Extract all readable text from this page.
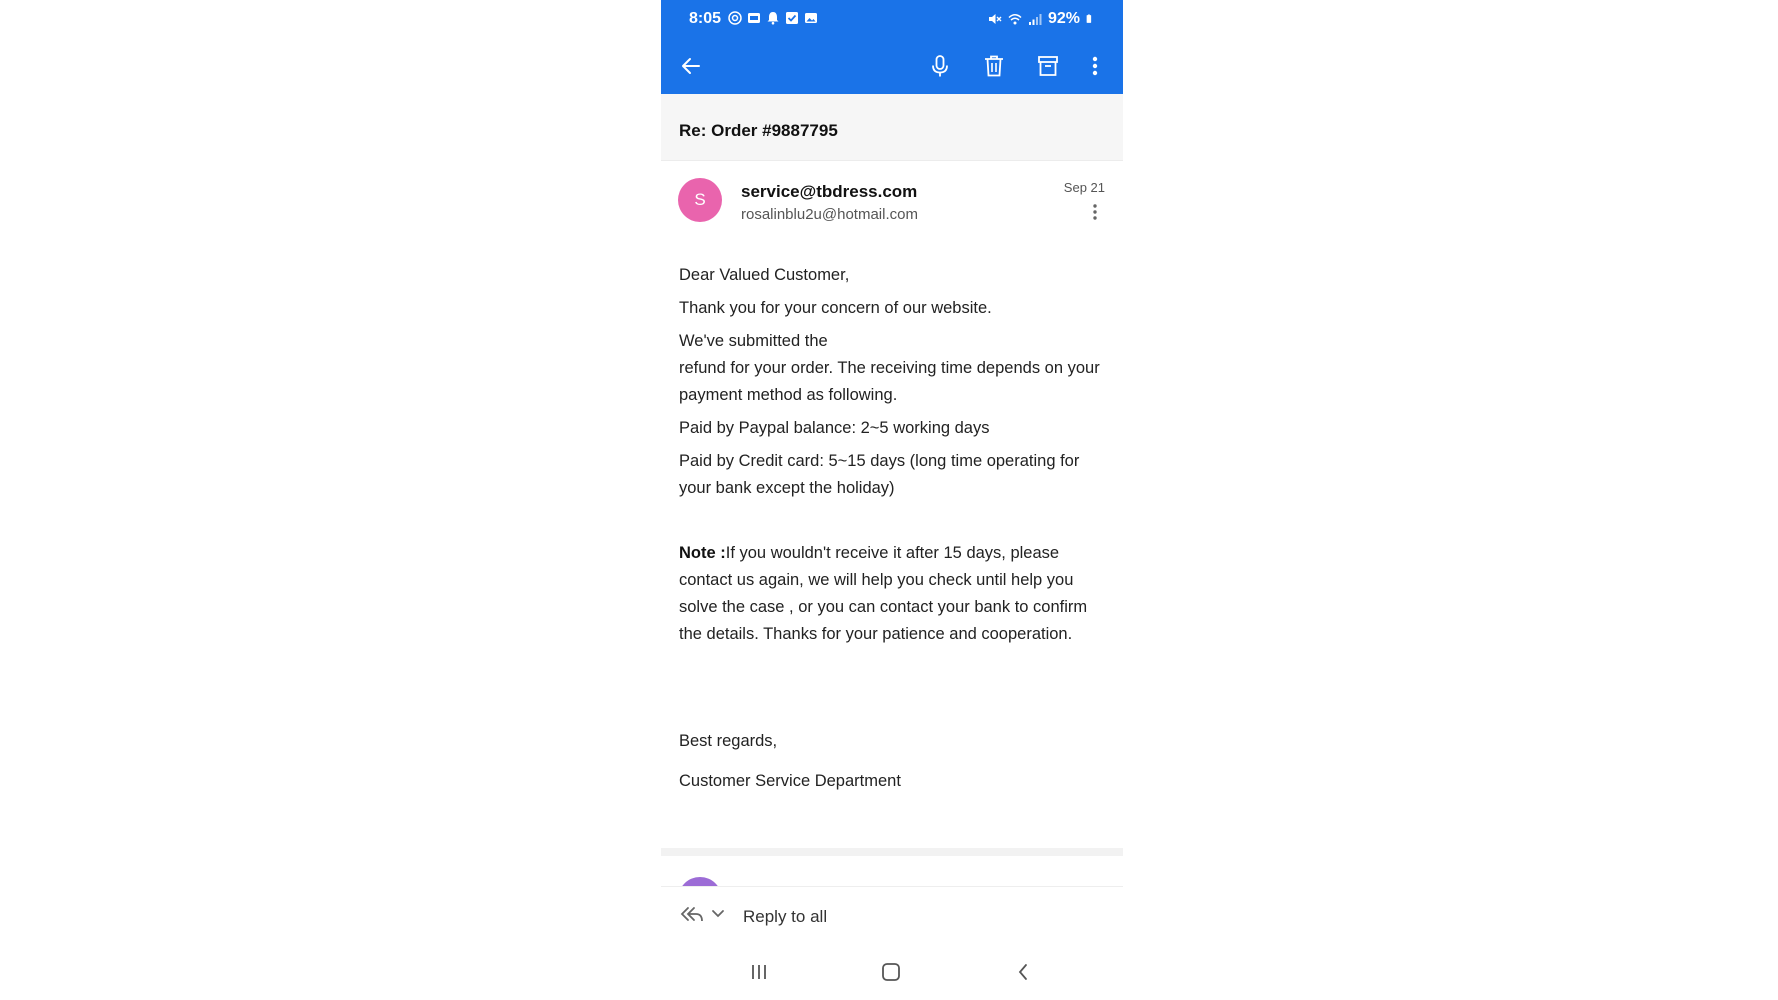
8:05	92%
Re: Order #9887795
S	service@tbdress.com
rosalinblu2u@hotmail.com
Sep 21

Dear Valued Customer,

Thank you for your concern of our website.

We've submitted the

refund for your order. The receiving time depends on your payment method as following.

Paid by Paypal balance: 2~5 working days

Paid by Credit card: 5~15 days (long time operating for your bank except the holiday)

Note :If you wouldn't receive it after 15 days, please contact us again, we will help you check until help you solve the case , or you can contact your bank to confirm the details. Thanks for your patience and cooperation.

Best regards,

Customer Service Department

Reply to all
